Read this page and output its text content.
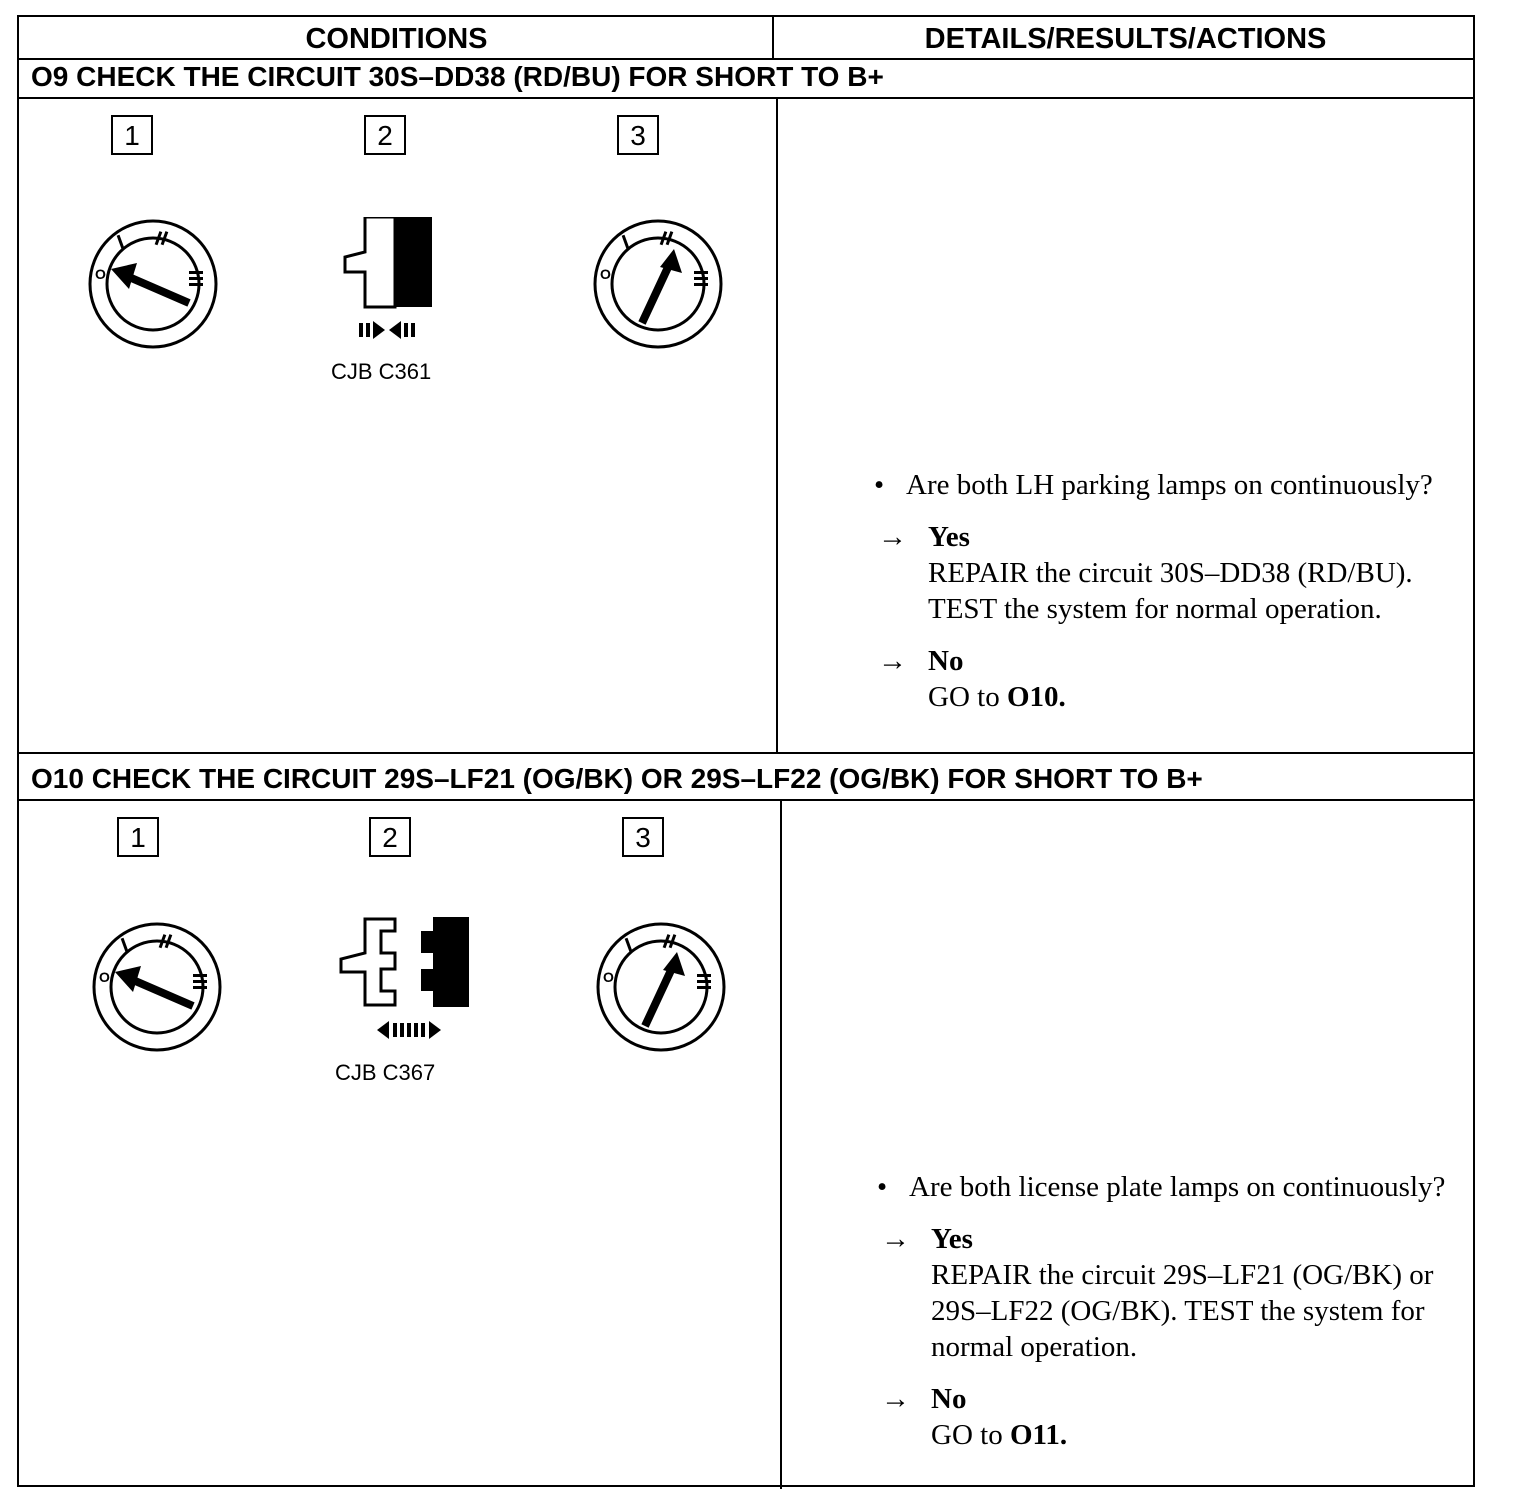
CONDITIONS	DETAILS/RESULTS/ACTIONS
O9 CHECK THE CIRCUIT 30S–DD38 (RD/BU) FOR SHORT TO B+
1	2	3
O
CJB C361
O
• Are both LH parking lamps on continuously?
→ Yes
REPAIR the circuit 30S–DD38 (RD/BU). TEST the system for normal operation.
→ No
GO to O10.
O10 CHECK THE CIRCUIT 29S–LF21 (OG/BK) OR 29S–LF22 (OG/BK) FOR SHORT TO B+
1	2	3
O
CJB C367
O
• Are both license plate lamps on continuously?
→ Yes
REPAIR the circuit 29S–LF21 (OG/BK) or 29S–LF22 (OG/BK). TEST the system for normal operation.
→ No
GO to O11.
